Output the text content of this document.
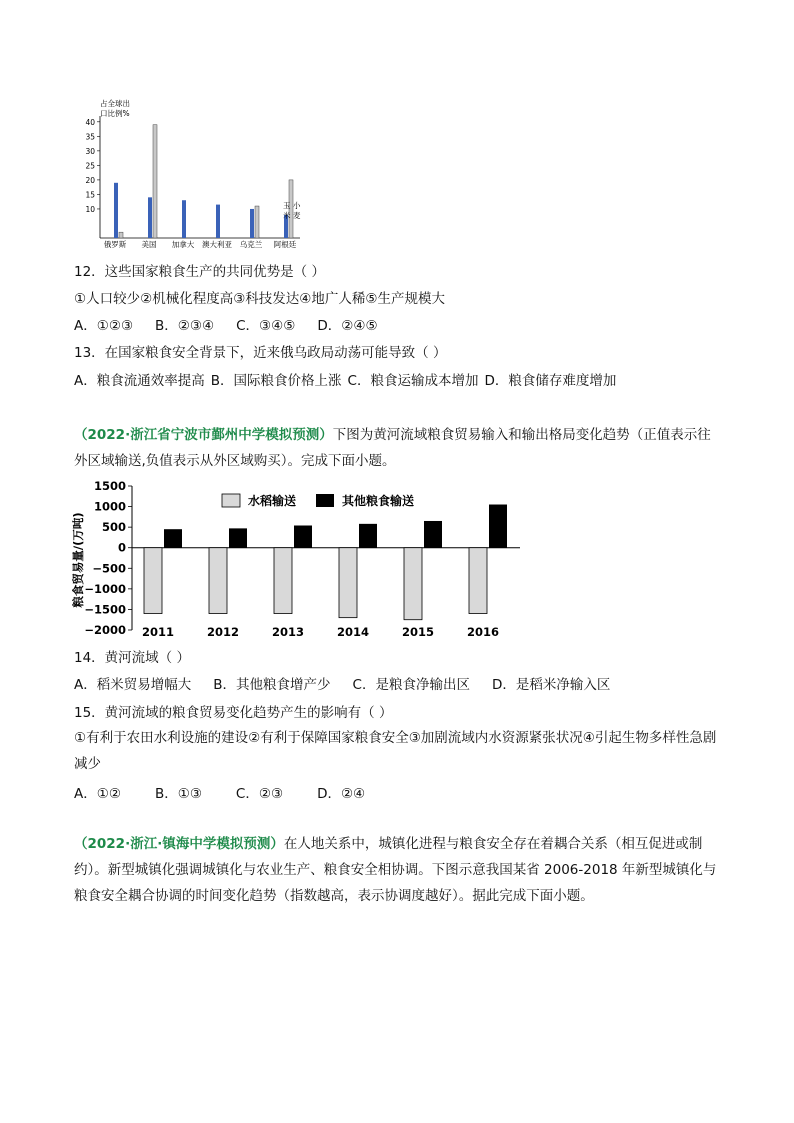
占全球出
口比例%
10
15
20
25
30
35
40
俄罗斯 美国 加拿大 澳大利亚 乌克兰 阿根廷
玉 小
米 麦
12．这些国家粮食生产的共同优势是（ ）
①人口较少②机械化程度高③科技发达④地广人稀⑤生产规模大
A．①②③ B．②③④ C．③④⑤ D．②④⑤
13．在国家粮食安全背景下，近来俄乌政局动荡可能导致（ ）
A．粮食流通效率提高 B．国际粮食价格上涨 C．粮食运输成本增加 D．粮食储存难度增加
（2022·浙江省宁波市鄞州中学模拟预测）下图为黄河流域粮食贸易输入和输出格局变化趋势（正值表示往外区域输送,负值表示从外区域购买）。完成下面小题。
粮食贸易量/(万吨)
−2000
−1500
−1000
−500
0
500
1000
1500
2011	2012	2013	2014	2015	2016
水稻输送	其他粮食输送
14．黄河流域（ ）
A．稻米贸易增幅大 B．其他粮食增产少 C．是粮食净输出区 D．是稻米净输入区
15．黄河流域的粮食贸易变化趋势产生的影响有（ ）
①有利于农田水利设施的建设②有利于保障国家粮食安全③加剧流域内水资源紧张状况④引起生物多样性急剧减少
A．①②	B．①③	C．②③	D．②④
（2022·浙江·镇海中学模拟预测）在人地关系中，城镇化进程与粮食安全存在着耦合关系（相互促进或制约）。新型城镇化强调城镇化与农业生产、粮食安全相协调。下图示意我国某省 2006-2018 年新型城镇化与粮食安全耦合协调的时间变化趋势（指数越高，表示协调度越好）。据此完成下面小题。
